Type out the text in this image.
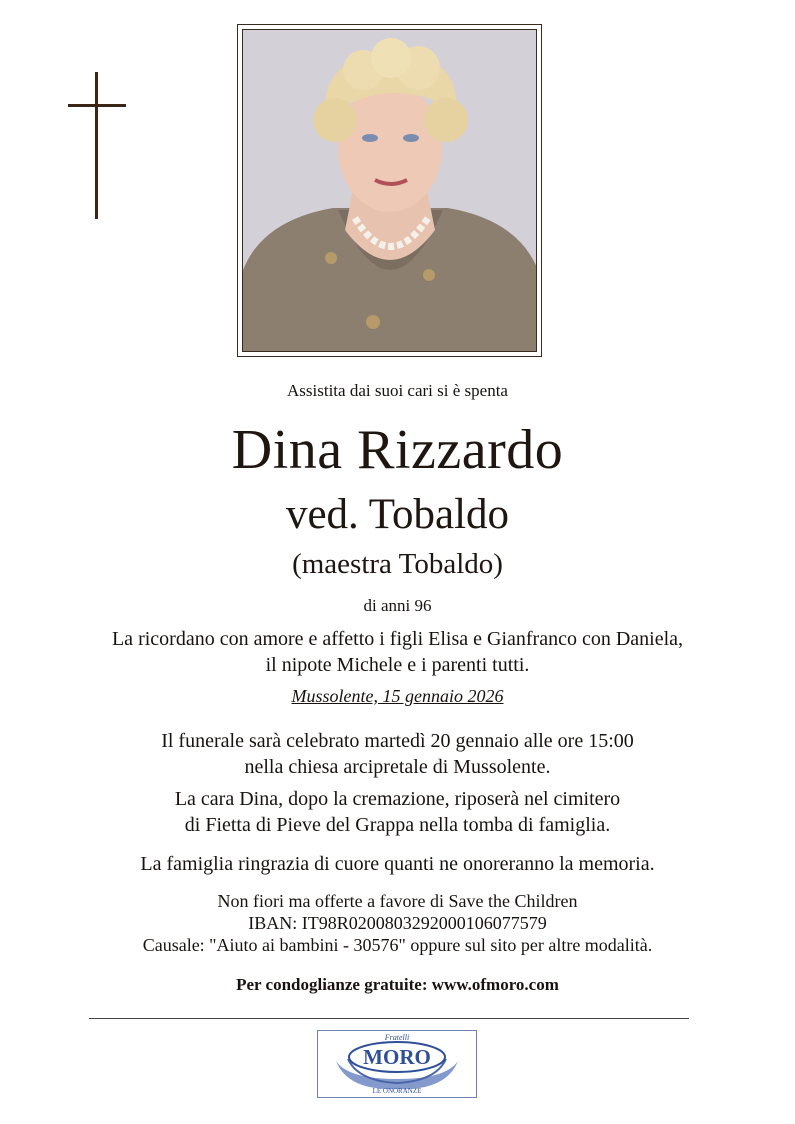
Assistita dai suoi cari si è spenta
Dina Rizzardo
ved. Tobaldo
(maestra Tobaldo)
di anni 96
La ricordano con amore e affetto i figli Elisa e Gianfranco con Daniela,
il nipote Michele e i parenti tutti.
Mussolente, 15 gennaio 2026
Il funerale sarà celebrato martedì 20 gennaio alle ore 15:00
nella chiesa arcipretale di Mussolente.
La cara Dina, dopo la cremazione, riposerà nel cimitero
di Fietta di Pieve del Grappa nella tomba di famiglia.
La famiglia ringrazia di cuore quanti ne onoreranno la memoria.
Non fiori ma offerte a favore di Save the Children
IBAN: IT98R0200803292000106077579
Causale: "Aiuto ai bambini - 30576" oppure sul sito per altre modalità.
Per condoglianze gratuite: www.ofmoro.com
Fratelli
MORO
LE ONORANZE
